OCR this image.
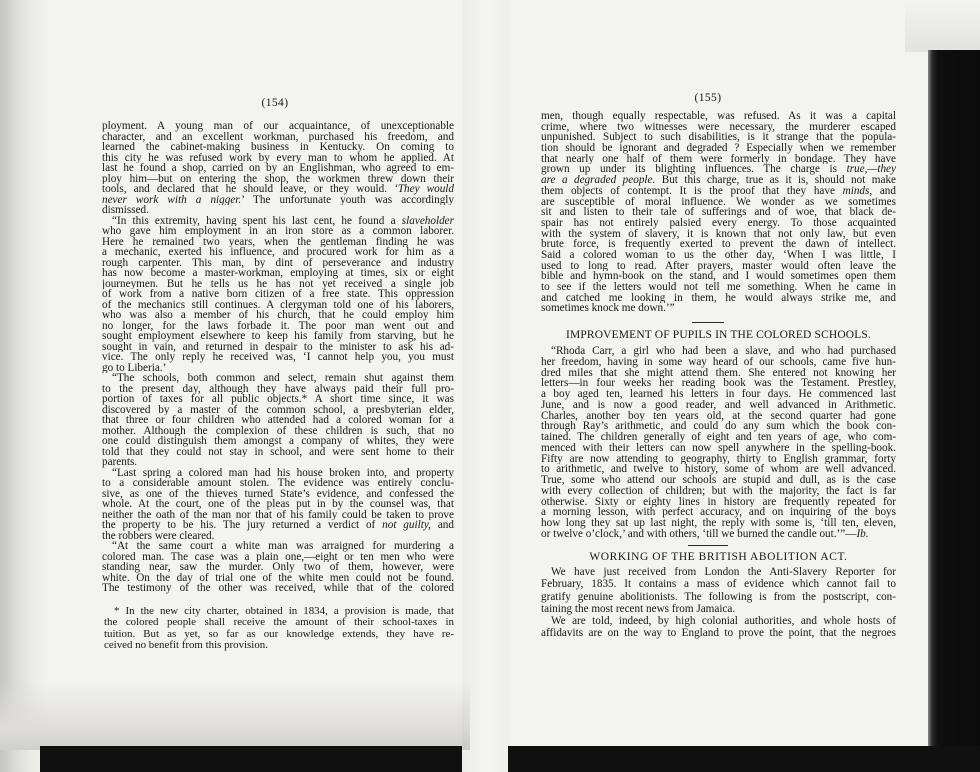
(154)
ployment. A young man of our acquaintance, of unexceptionable
character, and an excellent workman, purchased his freedom, and
learned the cabinet-making business in Kentucky. On coming to
this city he was refused work by every man to whom he applied. At
last he found a shop, carried on by an Englishman, who agreed to em-
ploy him—but on entering the shop, the workmen threw down their
tools, and declared that he should leave, or they would. ‘They would
never work with a nigger.’ The unfortunate youth was accordingly
dismissed.
“In this extremity, having spent his last cent, he found a slaveholder
who gave him employment in an iron store as a common laborer.
Here he remained two years, when the gentleman finding he was
a mechanic, exerted his influence, and procured work for him as a
rough carpenter. This man, by dint of perseverance and industry
has now become a master-workman, employing at times, six or eight
journeymen. But he tells us he has not yet received a single job
of work from a native born citizen of a free state. This oppression
of the mechanics still continues. A clergyman told one of his laborers,
who was also a member of his church, that he could employ him
no longer, for the laws forbade it. The poor man went out and
sought employment elsewhere to keep his family from starving, but he
sought in vain, and returned in despair to the minister to ask his ad-
vice. The only reply he received was, ‘I cannot help you, you must
go to Liberia.’
“The schools, both common and select, remain shut against them
to the present day, although they have always paid their full pro-
portion of taxes for all public objects.* A short time since, it was
discovered by a master of the common school, a presbyterian elder,
that three or four children who attended had a colored woman for a
mother. Although the complexion of these children is such, that no
one could distinguish them amongst a company of whites, they were
told that they could not stay in school, and were sent home to their
parents.
“Last spring a colored man had his house broken into, and property
to a considerable amount stolen. The evidence was entirely conclu-
sive, as one of the thieves turned State’s evidence, and confessed the
whole. At the court, one of the pleas put in by the counsel was, that
neither the oath of the man nor that of his family could be taken to prove
the property to be his. The jury returned a verdict of not guilty, and
the robbers were cleared.
“At the same court a white man was arraigned for murdering a
colored man. The case was a plain one,—eight or ten men who were
standing near, saw the murder. Only two of them, however, were
white. On the day of trial one of the white men could not be found.
The testimony of the other was received, while that of the colored
* In the new city charter, obtained in 1834, a provision is made, that
the colored people shall receive the amount of their school-taxes in
tuition. But as yet, so far as our knowledge extends, they have re-
ceived no benefit from this provision.
(155)
men, though equally respectable, was refused. As it was a capital
crime, where two witnesses were necessary, the murderer escaped
unpunished. Subject to such disabilities, is it strange that the popula-
tion should be ignorant and degraded ? Especially when we remember
that nearly one half of them were formerly in bondage. They have
grown up under its blighting influences. The charge is true,—they
are a degraded people. But this charge, true as it is, should not make
them objects of contempt. It is the proof that they have minds, and
are susceptible of moral influence. We wonder as we sometimes
sit and listen to their tale of sufferings and of woe, that black de-
spair has not entirely palsied every energy. To those acquainted
with the system of slavery, it is known that not only law, but even
brute force, is frequently exerted to prevent the dawn of intellect.
Said a colored woman to us the other day, ‘When I was little, I
used to long to read. After prayers, master would often leave the
bible and hymn-book on the stand, and I would sometimes open them
to see if the letters would not tell me something. When he came in
and catched me looking in them, he would always strike me, and
sometimes knock me down.’”
IMPROVEMENT OF PUPILS IN THE COLORED SCHOOLS.
“Rhoda Carr, a girl who had been a slave, and who had purchased
her freedom, having in some way heard of our schools, came five hun-
dred miles that she might attend them. She entered not knowing her
letters—in four weeks her reading book was the Testament. Prestley,
a boy aged ten, learned his letters in four days. He commenced last
June, and is now a good reader, and well advanced in Arithmetic.
Charles, another boy ten years old, at the second quarter had gone
through Ray’s arithmetic, and could do any sum which the book con-
tained. The children generally of eight and ten years of age, who com-
menced with their letters can now spell anywhere in the spelling-book.
Fifty are now attending to geography, thirty to English grammar, forty
to arithmetic, and twelve to history, some of whom are well advanced.
True, some who attend our schools are stupid and dull, as is the case
with every collection of children; but with the majority, the fact is far
otherwise. Sixty or eighty lines in history are frequently repeated for
a morning lesson, with perfect accuracy, and on inquiring of the boys
how long they sat up last night, the reply with some is, ‘till ten, eleven,
or twelve o’clock,’ and with others, ‘till we burned the candle out.’”—Ib.
WORKING OF THE BRITISH ABOLITION ACT.
We have just received from London the Anti-Slavery Reporter for
February, 1835. It contains a mass of evidence which cannot fail to
gratify genuine abolitionists. The following is from the postscript, con-
taining the most recent news from Jamaica.
We are told, indeed, by high colonial authorities, and whole hosts of
affidavits are on the way to England to prove the point, that the negroes
